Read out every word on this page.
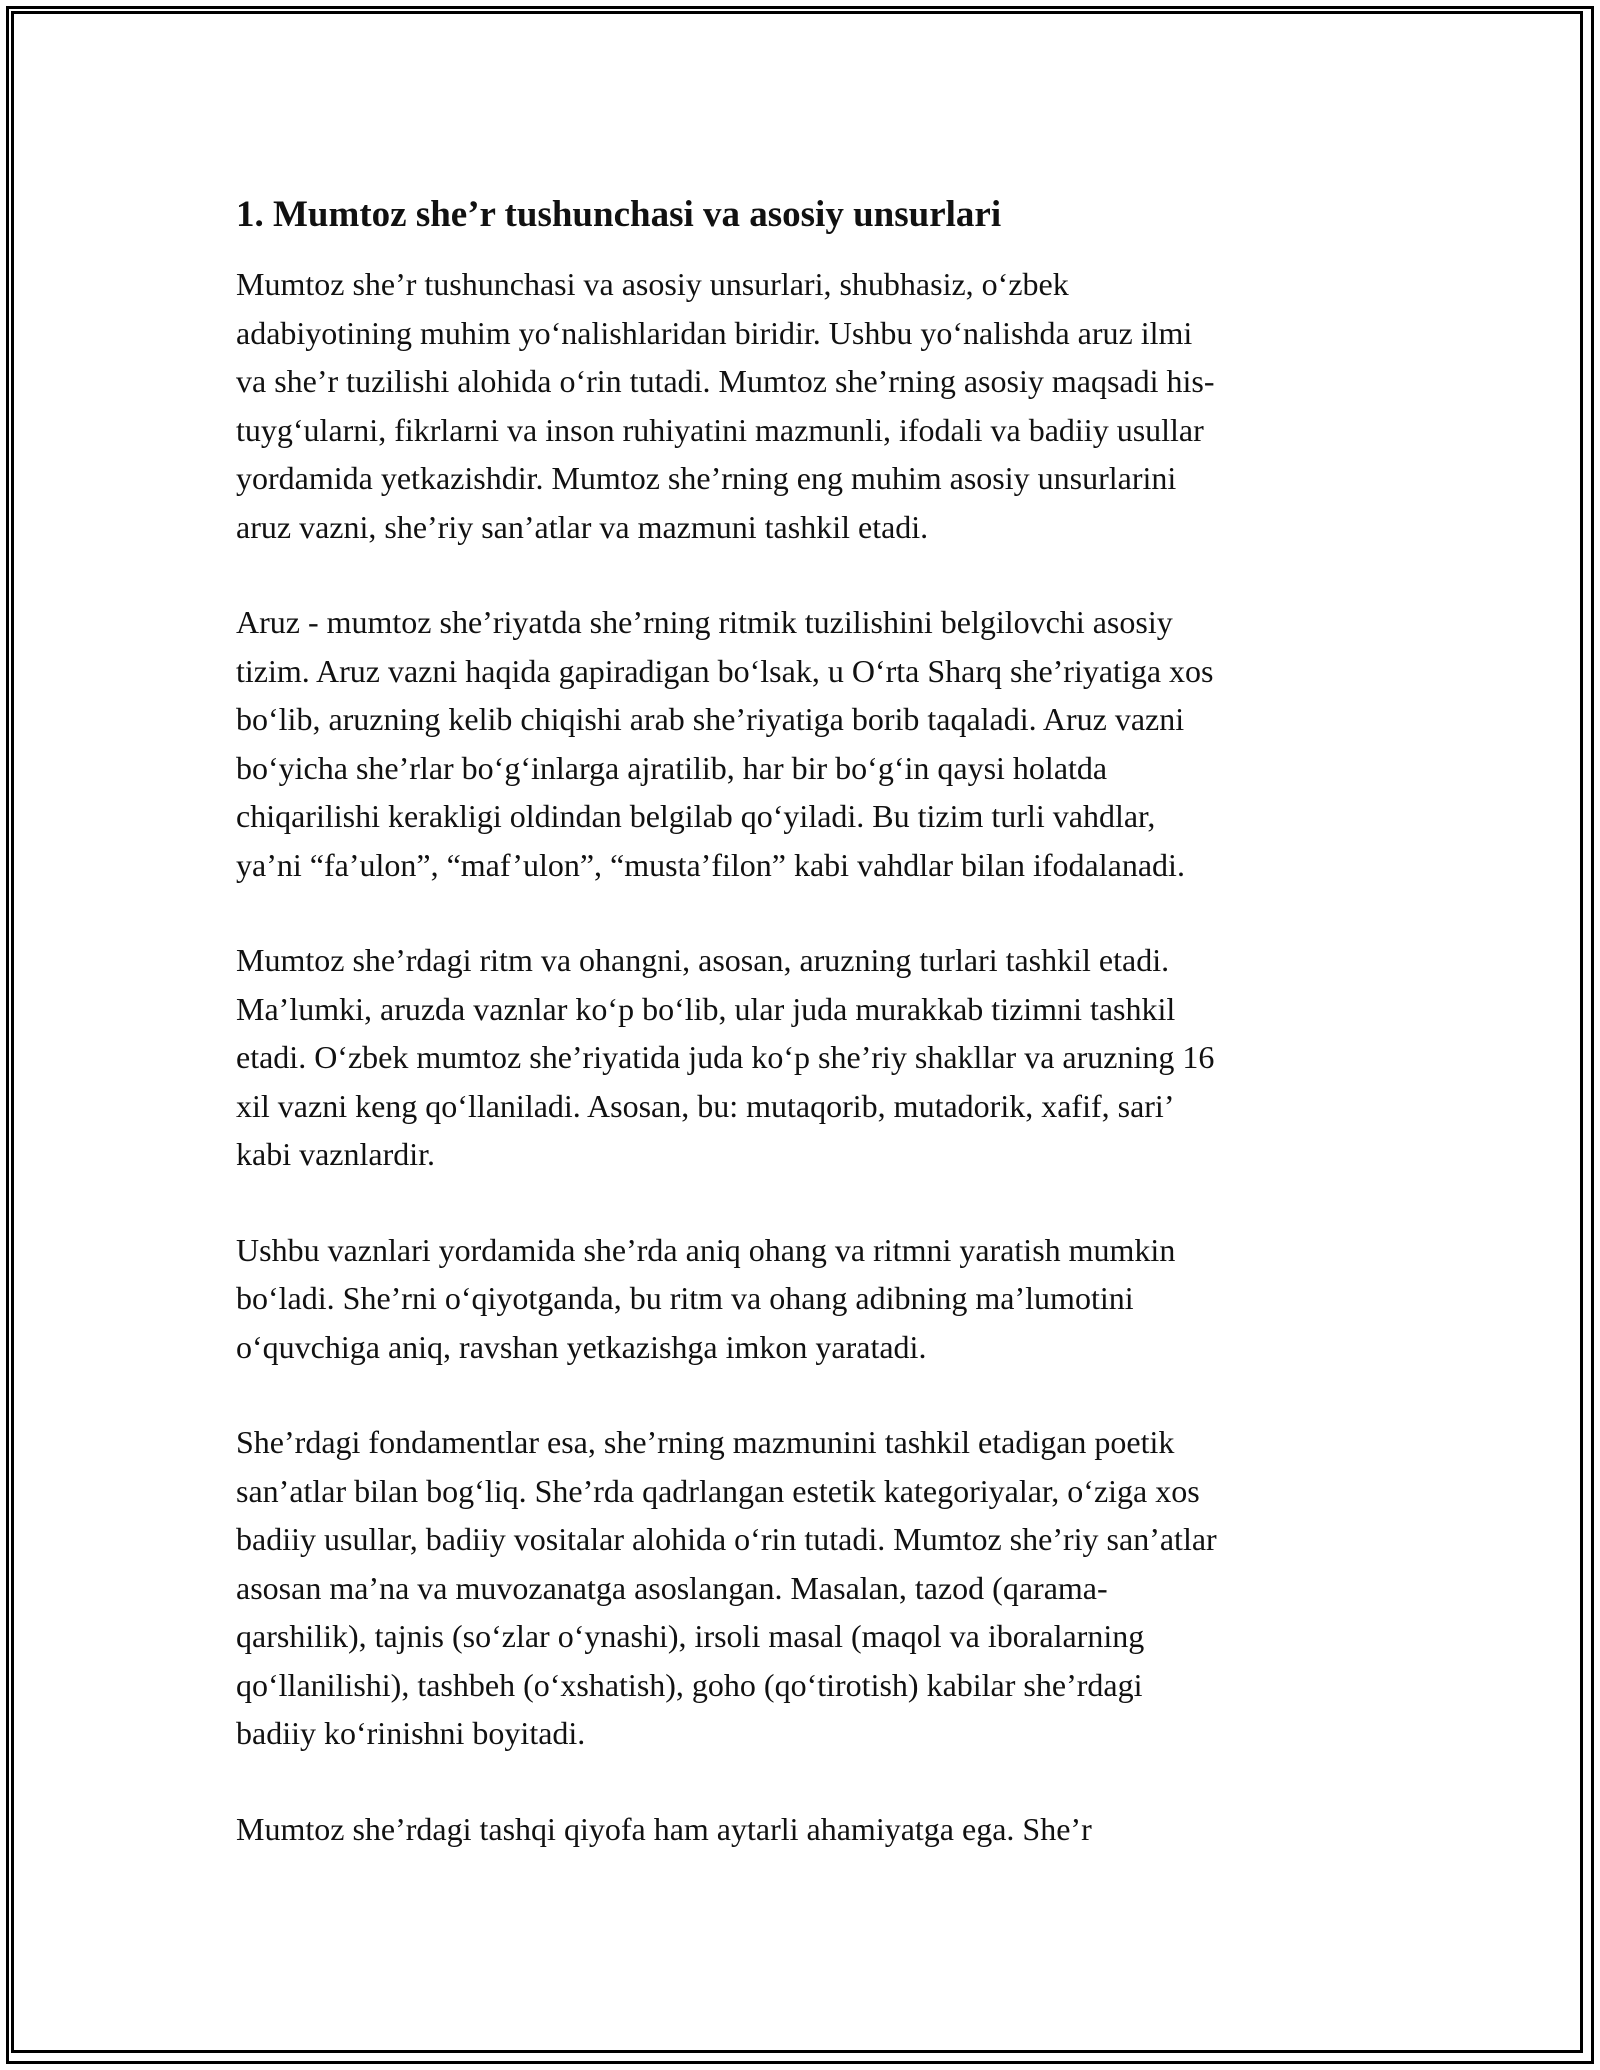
1. Mumtoz she’r tushunchasi va asosiy unsurlari
Mumtoz she’r tushunchasi va asosiy unsurlari, shubhasiz, o‘zbek
adabiyotining muhim yo‘nalishlaridan biridir. Ushbu yo‘nalishda aruz ilmi
va she’r tuzilishi alohida o‘rin tutadi. Mumtoz she’rning asosiy maqsadi his-
tuyg‘ularni, fikrlarni va inson ruhiyatini mazmunli, ifodali va badiiy usullar
yordamida yetkazishdir. Mumtoz she’rning eng muhim asosiy unsurlarini
aruz vazni, she’riy san’atlar va mazmuni tashkil etadi.
Aruz - mumtoz she’riyatda she’rning ritmik tuzilishini belgilovchi asosiy
tizim. Aruz vazni haqida gapiradigan bo‘lsak, u O‘rta Sharq she’riyatiga xos
bo‘lib, aruzning kelib chiqishi arab she’riyatiga borib taqaladi. Aruz vazni
bo‘yicha she’rlar bo‘g‘inlarga ajratilib, har bir bo‘g‘in qaysi holatda
chiqarilishi kerakligi oldindan belgilab qo‘yiladi. Bu tizim turli vahdlar,
ya’ni “fa’ulon”, “maf’ulon”, “musta’filon” kabi vahdlar bilan ifodalanadi.
Mumtoz she’rdagi ritm va ohangni, asosan, aruzning turlari tashkil etadi.
Ma’lumki, aruzda vaznlar ko‘p bo‘lib, ular juda murakkab tizimni tashkil
etadi. O‘zbek mumtoz she’riyatida juda ko‘p she’riy shakllar va aruzning 16
xil vazni keng qo‘llaniladi. Asosan, bu: mutaqorib, mutadorik, xafif, sari’
kabi vaznlardir.
Ushbu vaznlari yordamida she’rda aniq ohang va ritmni yaratish mumkin
bo‘ladi. She’rni o‘qiyotganda, bu ritm va ohang adibning ma’lumotini
o‘quvchiga aniq, ravshan yetkazishga imkon yaratadi.
She’rdagi fondamentlar esa, she’rning mazmunini tashkil etadigan poetik
san’atlar bilan bog‘liq. She’rda qadrlangan estetik kategoriyalar, o‘ziga xos
badiiy usullar, badiiy vositalar alohida o‘rin tutadi. Mumtoz she’riy san’atlar
asosan ma’na va muvozanatga asoslangan. Masalan, tazod (qarama-
qarshilik), tajnis (so‘zlar o‘ynashi), irsoli masal (maqol va iboralarning
qo‘llanilishi), tashbeh (o‘xshatish), goho (qo‘tirotish) kabilar she’rdagi
badiiy ko‘rinishni boyitadi.
Mumtoz she’rdagi tashqi qiyofa ham aytarli ahamiyatga ega. She’r
